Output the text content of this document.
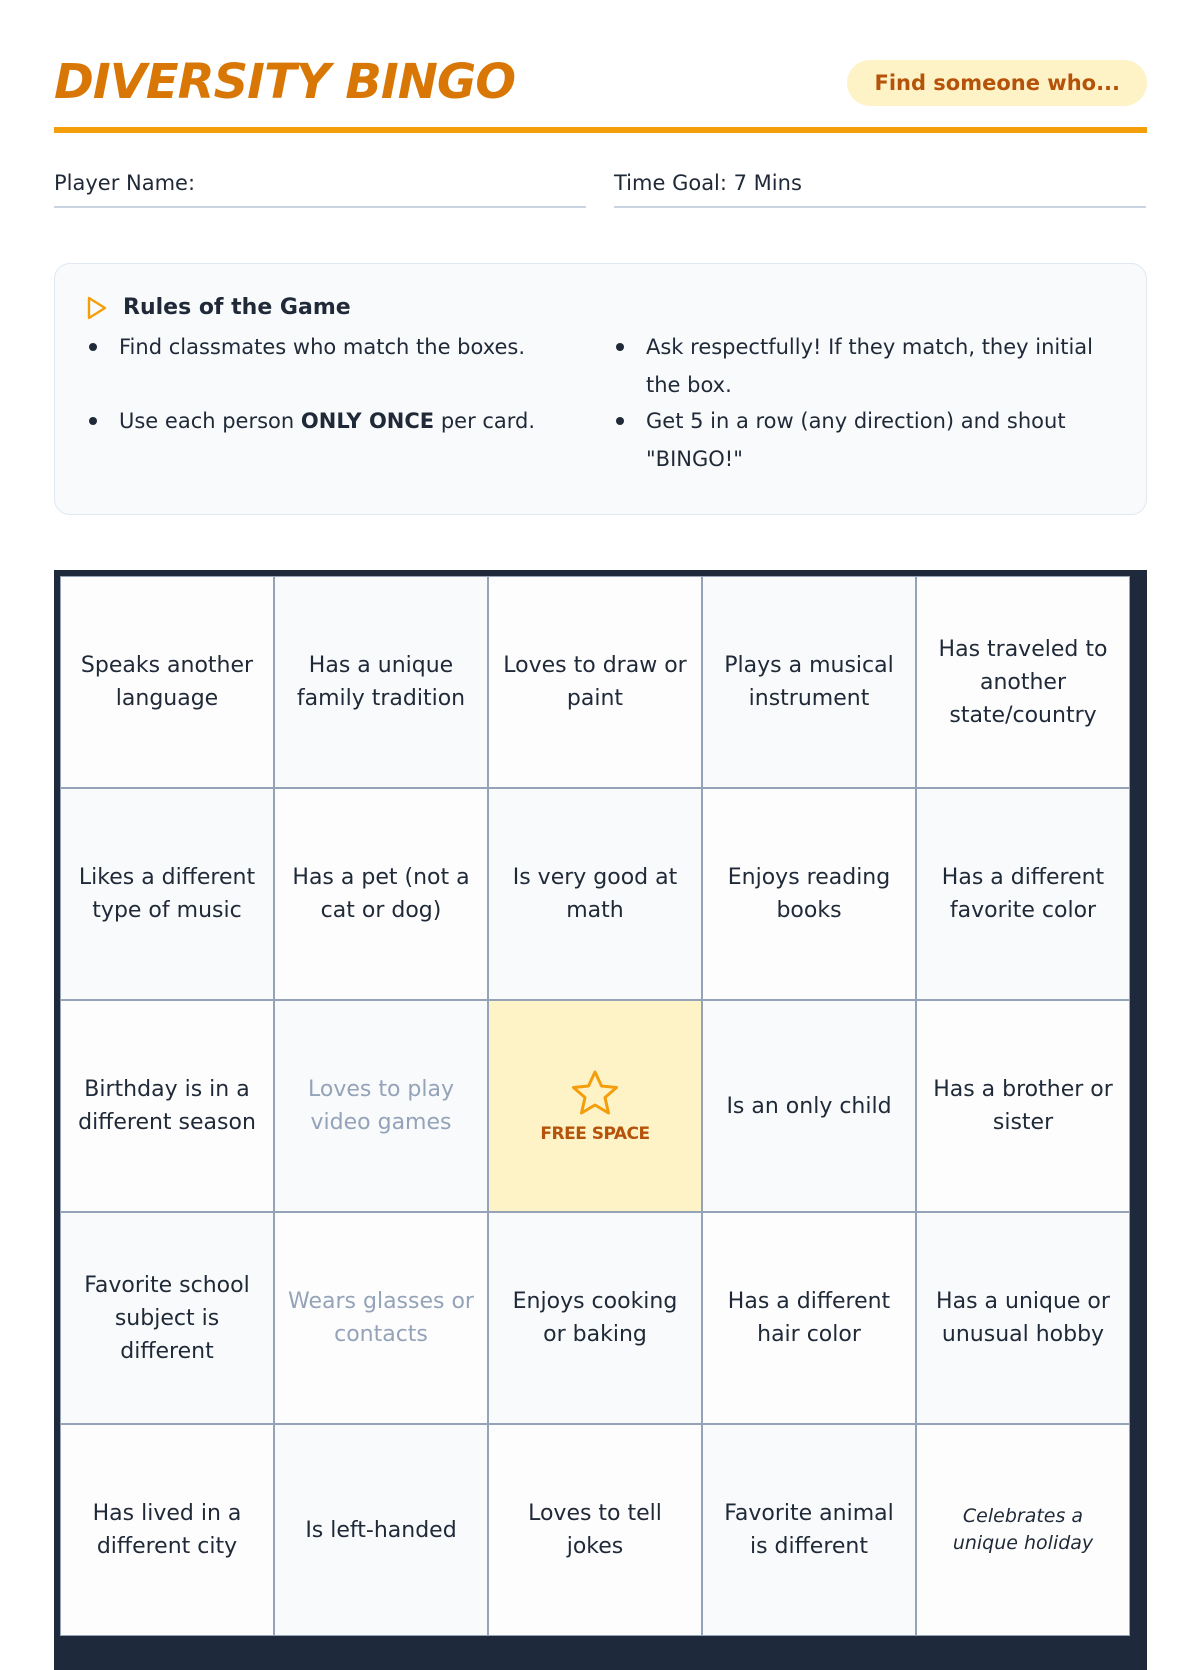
DIVERSITY BINGO	Find someone who...
Player Name:	Time Goal: 7 Mins
Rules of the Game
Find classmates who match the boxes.
Use each person ONLY ONCE per card.
Ask respectfully! If they match, they initial the box.
Get 5 in a row (any direction) and shout "BINGO!"
Speaks another language
Has a unique family tradition
Loves to draw or paint
Plays a musical instrument
Has traveled to another state/country
Likes a different type of music
Has a pet (not a cat or dog)
Is very good at math
Enjoys reading books
Has a different favorite color
Birthday is in a different season
Loves to play video games	FREE SPACE
Is an only child
Has a brother or sister
Favorite school subject is different
Wears glasses or contacts
Enjoys cooking or baking
Has a different hair color
Has a unique or unusual hobby
Has lived in a different city
Is left-handed
Loves to tell jokes
Favorite animal is different
Celebrates a unique holiday
